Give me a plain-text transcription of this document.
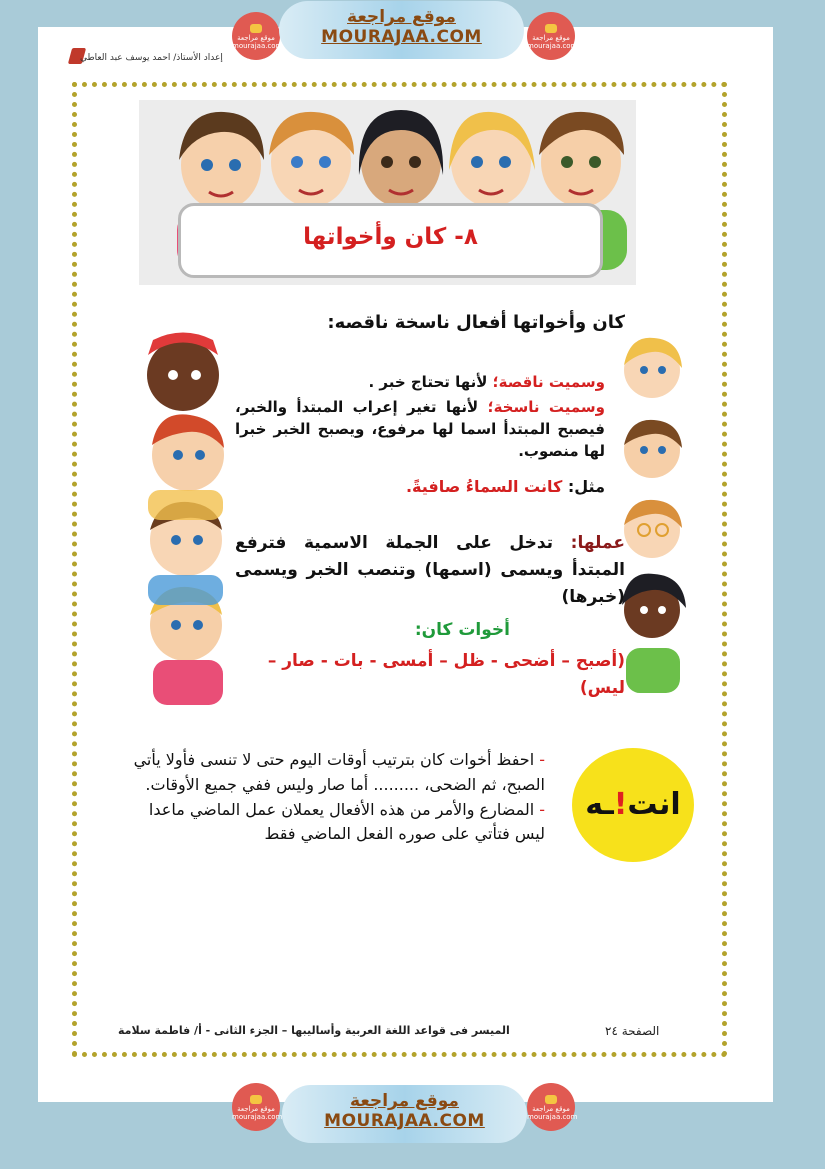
موقع مراجعة
mourajaa.com
موقع مراجعة
MOURAJAA.COM	موقع مراجعة
mourajaa.com
إعداد الأستاذ/ احمد يوسف عبد العاطي
٨- كان وأخواتها
كان وأخواتها أفعال ناسخة ناقصه:
وسميت ناقصة؛ لأنها تحتاج خبر .
وسميت ناسخة؛ لأنها تغير إعراب المبتدأ والخبر، فيصبح المبتدأ اسما لها مرفوع، ويصبح الخبر خبرا لها منصوب.
مثل: كانت السماءُ صافيةً.
عملها: تدخل على الجملة الاسمية فترفع المبتدأ ويسمى (اسمها) وتنصب الخبر ويسمى (خبرها)
أخوات كان:
(أصبح – أضحى - ظل – أمسى - بات - صار – ليس)
انت!ـه
- احفظ أخوات كان بترتيب أوقات اليوم حتى لا تنسى فأولا يأتي الصبح، ثم الضحى، ......... أما صار وليس ففي جميع الأوقات.
- المضارع والأمر من هذه الأفعال يعملان عمل الماضي ماعدا ليس فتأتي على صوره الفعل الماضي فقط
الميسر فى قواعد اللغة العربية وأساليبها – الجزء الثانى - أ/ فاطمة سلامة	الصفحة ٢٤
موقع مراجعة
mourajaa.com
موقع مراجعة
MOURAJAA.COM
موقع مراجعة
mourajaa.com
